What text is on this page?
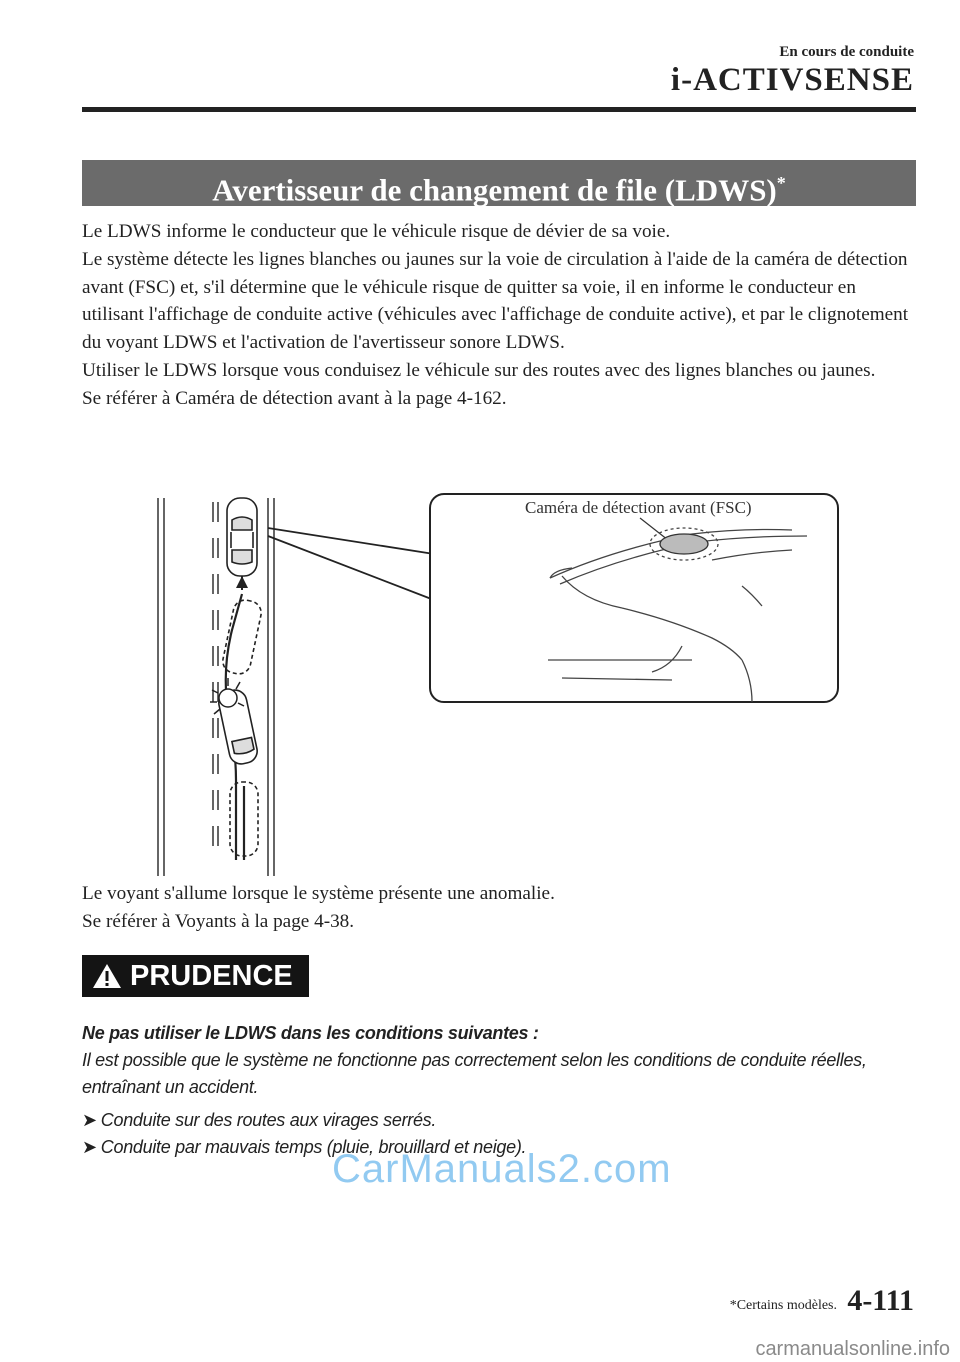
En cours de conduite
i-ACTIVSENSE
Avertisseur de changement de file (LDWS)*

Le LDWS informe le conducteur que le véhicule risque de dévier de sa voie.

Le système détecte les lignes blanches ou jaunes sur la voie de circulation à l'aide de la caméra de détection avant (FSC) et, s'il détermine que le véhicule risque de quitter sa voie, il en informe le conducteur en utilisant l'affichage de conduite active (véhicules avec l'affichage de conduite active), et par le clignotement du voyant LDWS et l'activation de l'avertisseur sonore LDWS.

Utiliser le LDWS lorsque vous conduisez le véhicule sur des routes avec des lignes blanches ou jaunes.

Se référer à Caméra de détection avant à la page 4-162.

Caméra de détection avant (FSC)

Le voyant s'allume lorsque le système présente une anomalie.

Se référer à Voyants à la page 4-38.

PRUDENCE

Ne pas utiliser le LDWS dans les conditions suivantes :

Il est possible que le système ne fonctionne pas correctement selon les conditions de conduite réelles, entraînant un accident.

➤ Conduite sur des routes aux virages serrés.
➤ Conduite par mauvais temps (pluie, brouillard et neige).
CarManuals2.com
*Certains modèles. 4-111
carmanualsonline.info
